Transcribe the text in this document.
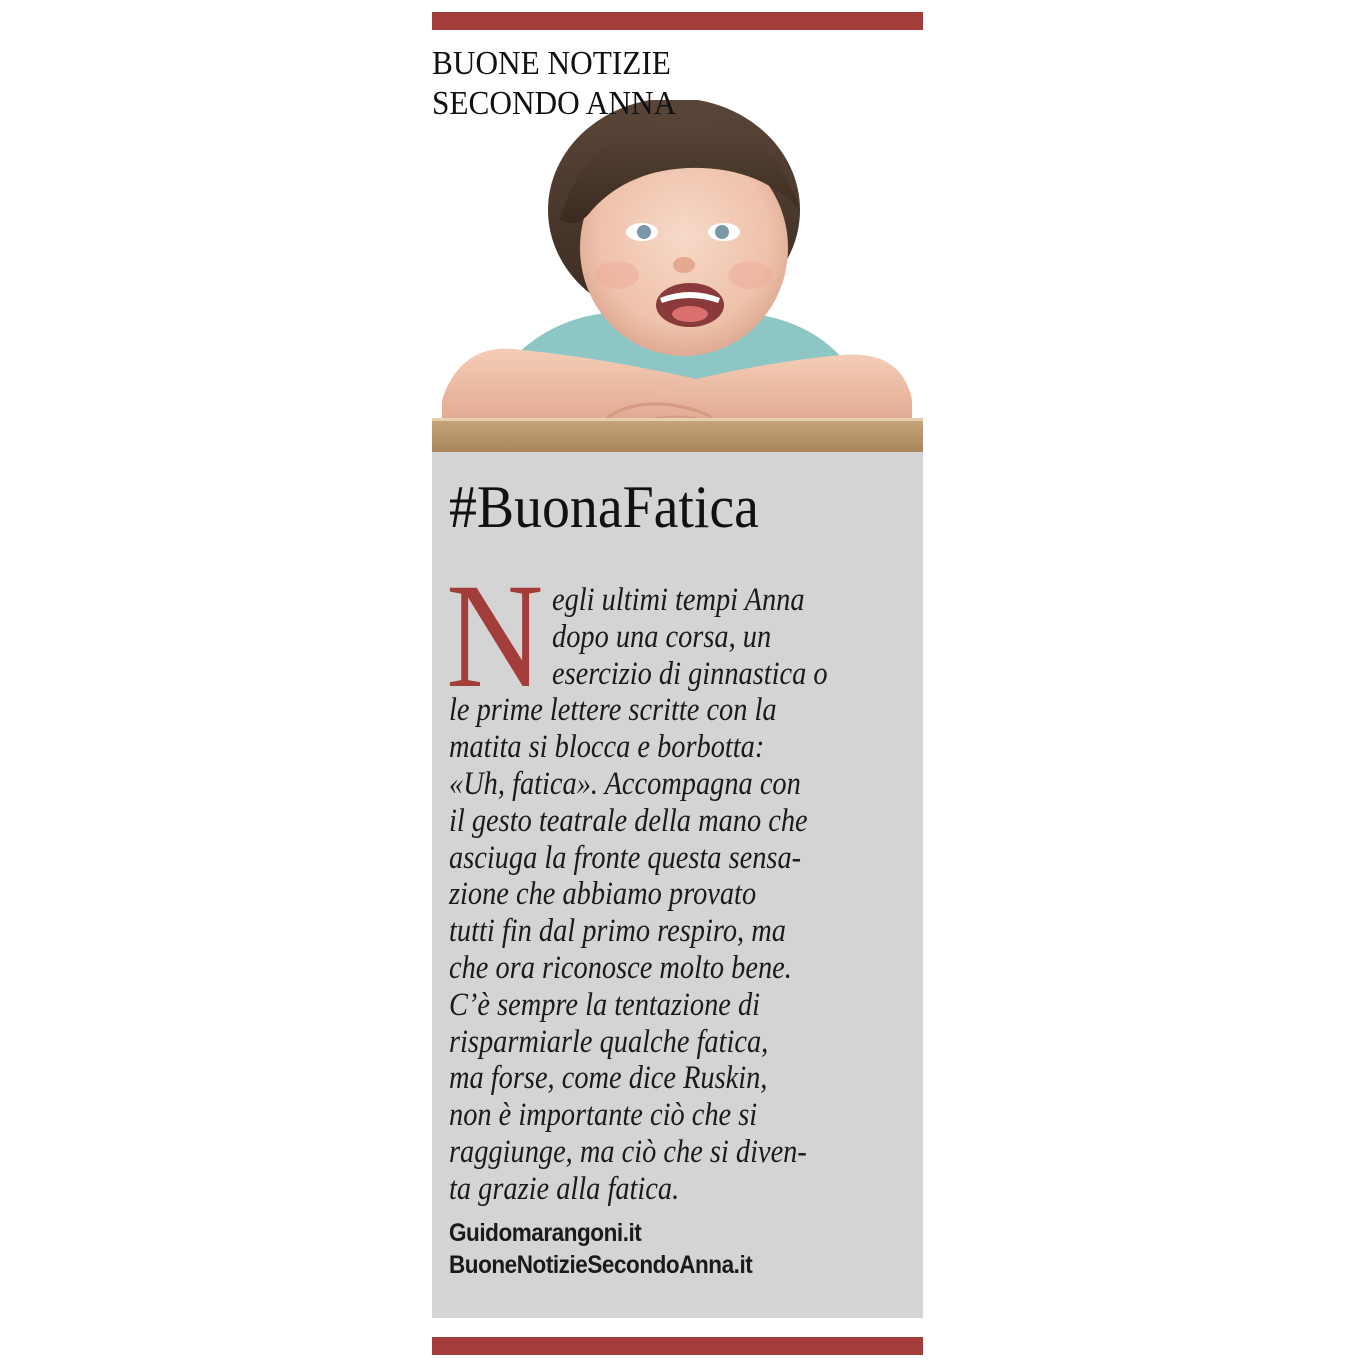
BUONE NOTIZIE
SECONDO ANNA
#BuonaFatica
N egli ultimi tempi Anna
dopo una corsa, un
esercizio di ginnastica o
le prime lettere scritte con la
matita si blocca e borbotta:
«Uh, fatica». Accompagna con
il gesto teatrale della mano che
asciuga la fronte questa sensa-
zione che abbiamo provato
tutti fin dal primo respiro, ma
che ora riconosce molto bene.
C’è sempre la tentazione di
risparmiarle qualche fatica,
ma forse, come dice Ruskin,
non è importante ciò che si
raggiunge, ma ciò che si diven-
ta grazie alla fatica.
Guidomarangoni.it
BuoneNotizieSecondoAnna.it
